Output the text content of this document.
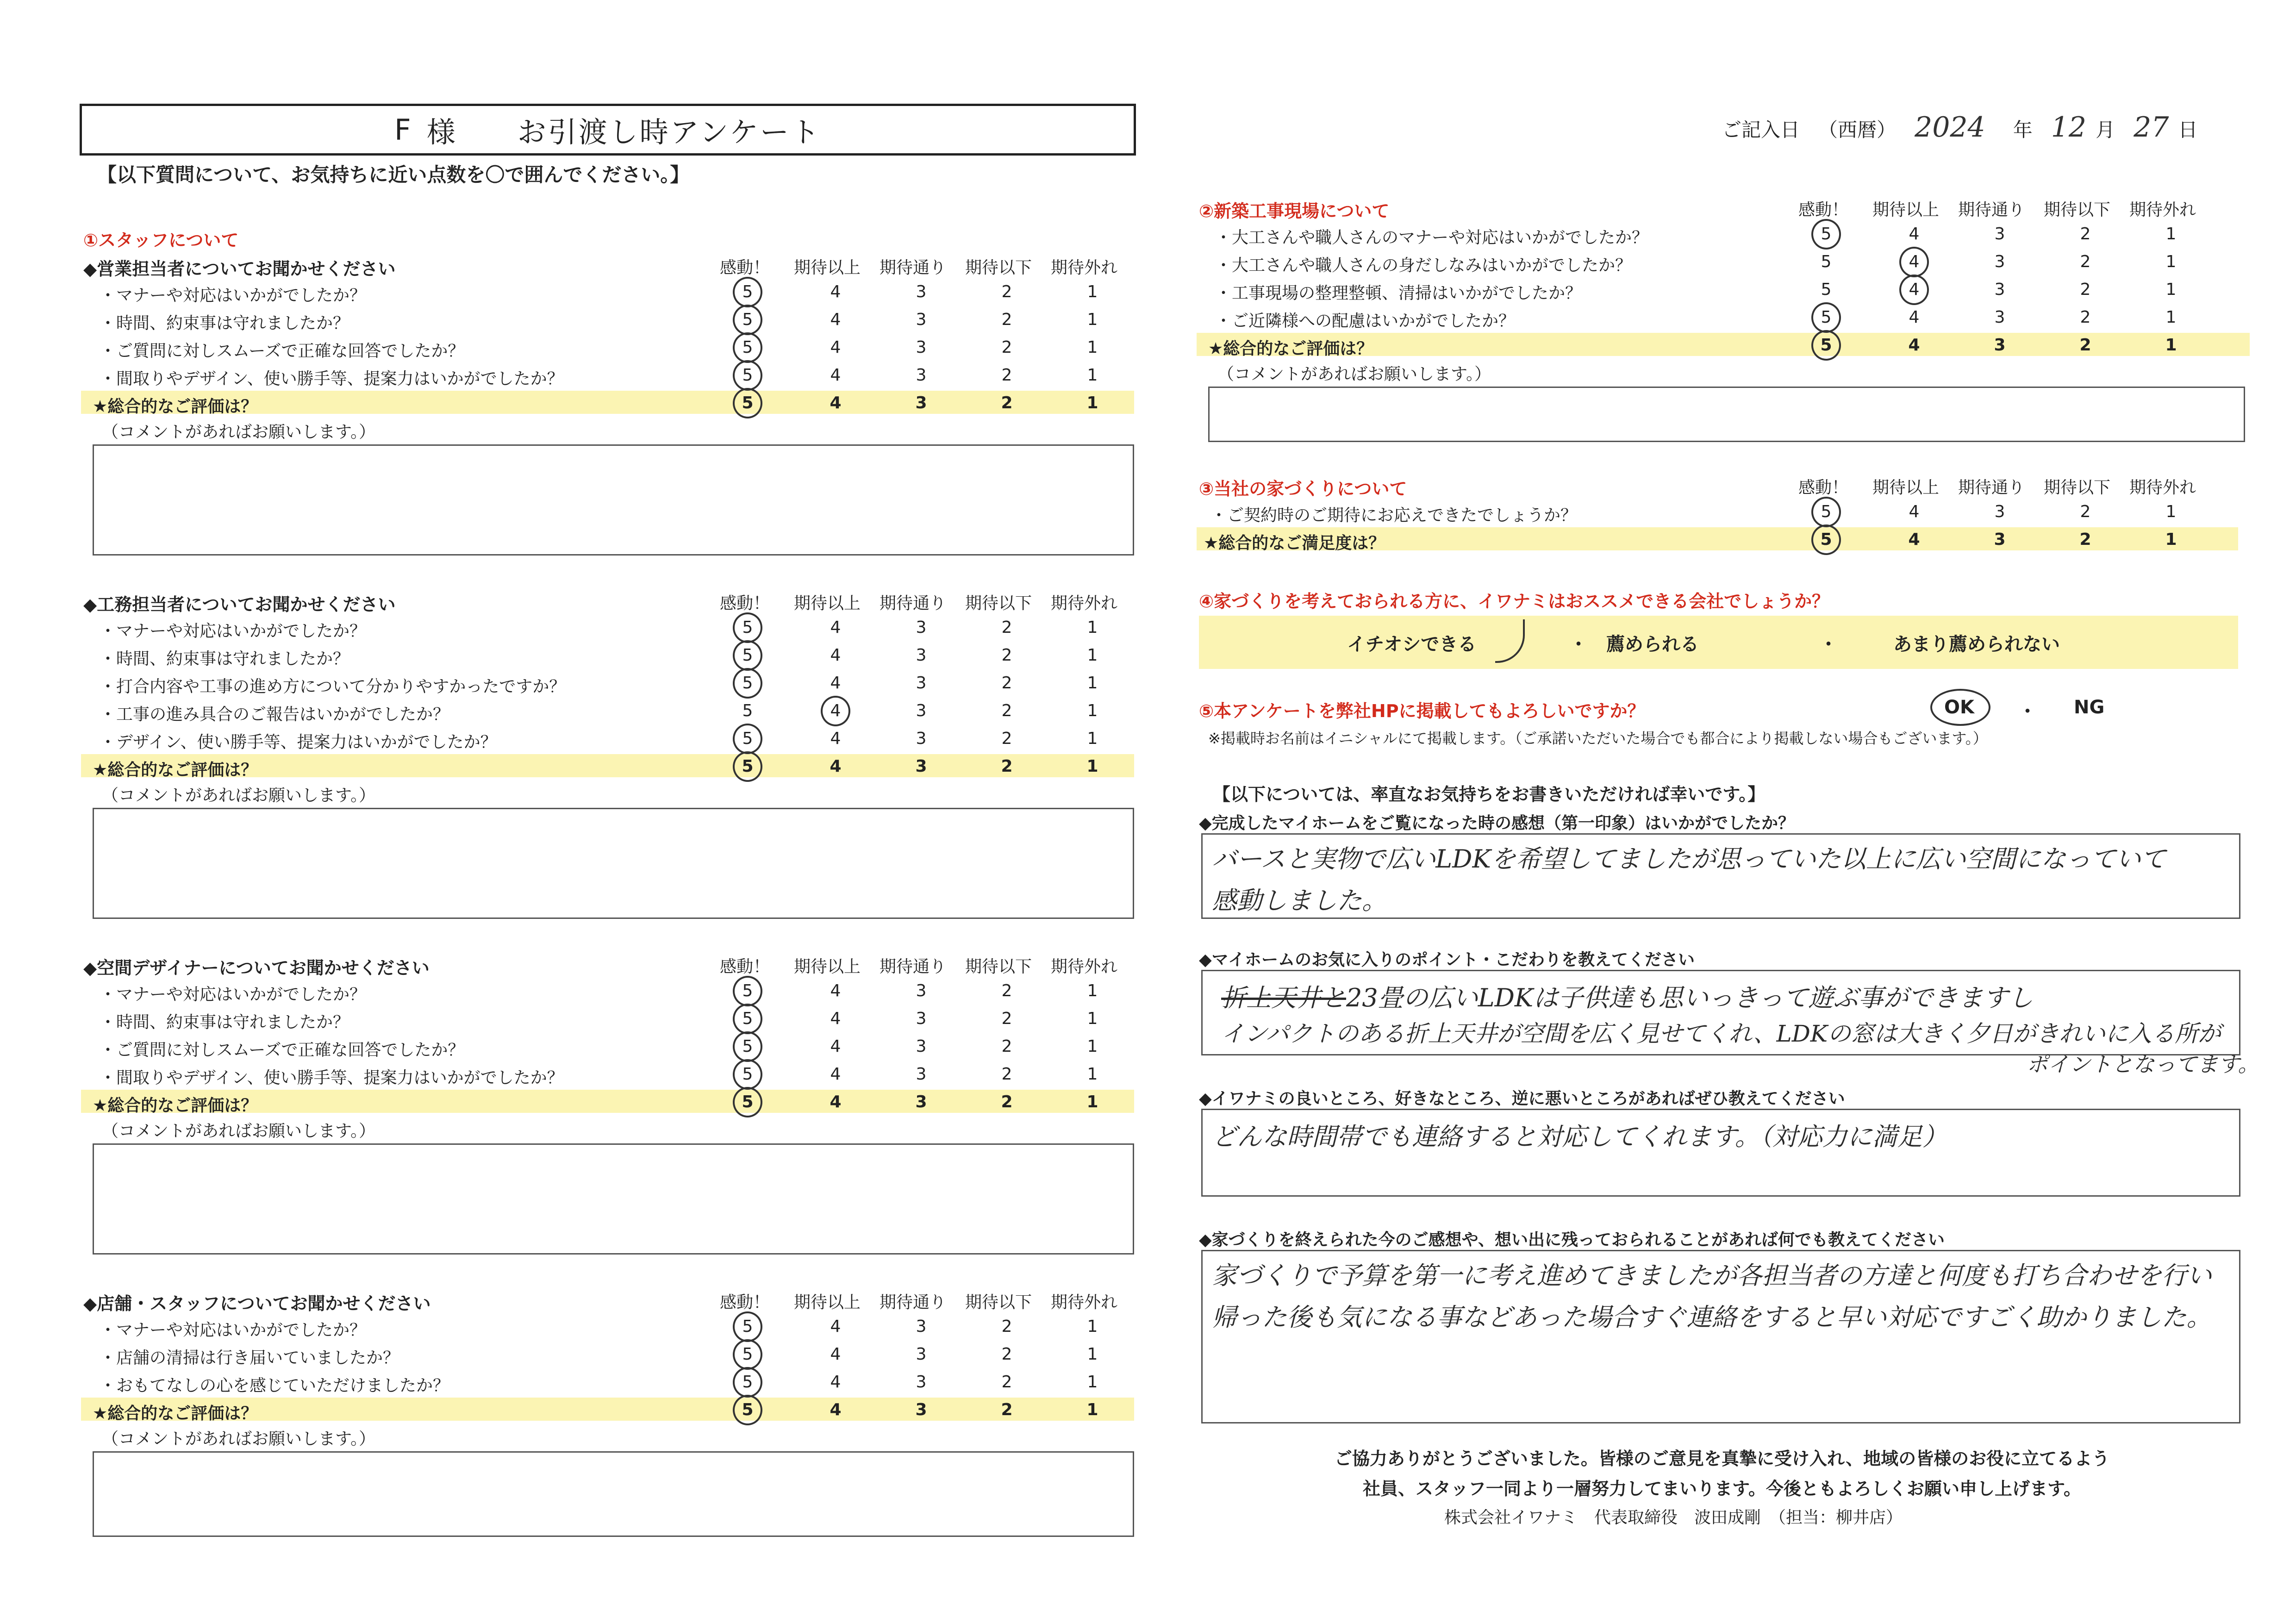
F 様 お引渡し時アンケート	ご記入日 （西暦） 2024 年 12 月 27 日
【以下質問について、お気持ちに近い点数を〇で囲んでください。】
①スタッフについて
◆営業担当者についてお聞かせください	感動！ 期待以上 期待通り 期待以下 期待外れ
・マナーや対応はいかがでしたか？	5	4	3	2	1
・時間、約束事は守れましたか？	5	4	3	2	1
・ご質問に対しスムーズで正確な回答でしたか？	5	4	3	2	1
・間取りやデザイン、使い勝手等、提案力はいかがでしたか？	5	4	3	2	1
★総合的なご評価は？	5	4	3	2	1
（コメントがあればお願いします。）
◆工務担当者についてお聞かせください	感動！ 期待以上 期待通り 期待以下 期待外れ
・マナーや対応はいかがでしたか？	5	4	3	2	1
・時間、約束事は守れましたか？	5	4	3	2	1
・打合内容や工事の進め方について分かりやすかったですか？	5	4	3	2	1
・工事の進み具合のご報告はいかがでしたか？	5	4	3	2	1
・デザイン、使い勝手等、提案力はいかがでしたか？	5	4	3	2	1
★総合的なご評価は？	5	4	3	2	1
（コメントがあればお願いします。）
◆空間デザイナーについてお聞かせください	感動！ 期待以上 期待通り 期待以下 期待外れ
・マナーや対応はいかがでしたか？	5	4	3	2	1
・時間、約束事は守れましたか？	5	4	3	2	1
・ご質問に対しスムーズで正確な回答でしたか？	5	4	3	2	1
・間取りやデザイン、使い勝手等、提案力はいかがでしたか？	5	4	3	2	1
★総合的なご評価は？	5	4	3	2	1
（コメントがあればお願いします。）
◆店舗・スタッフについてお聞かせください	感動！ 期待以上 期待通り 期待以下 期待外れ
・マナーや対応はいかがでしたか？	5	4	3	2	1
・店舗の清掃は行き届いていましたか？	5	4	3	2	1
・おもてなしの心を感じていただけましたか？	5	4	3	2	1
★総合的なご評価は？	5	4	3	2	1
（コメントがあればお願いします。）
②新築工事現場について	感動！ 期待以上 期待通り 期待以下 期待外れ
・大工さんや職人さんのマナーや対応はいかがでしたか？	5	4	3	2	1
・大工さんや職人さんの身だしなみはいかがでしたか？	5	4	3	2	1
・工事現場の整理整頓、清掃はいかがでしたか？	5	4	3	2	1
・ご近隣様への配慮はいかがでしたか？	5	4	3	2	1
★総合的なご評価は？	5	4	3	2	1
（コメントがあればお願いします。）
③当社の家づくりについて	感動！ 期待以上 期待通り 期待以下 期待外れ
・ご契約時のご期待にお応えできたでしょうか？	5	4	3	2	1
★総合的なご満足度は？	5	4	3	2	1
④家づくりを考えておられる方に、イワナミはおススメできる会社でしょうか？
イチオシできる	・ 薦められる	・	あまり薦められない
⑤本アンケートを弊社HPに掲載してもよろしいですか？	OK ・ NG
※掲載時お名前はイニシャルにて掲載します。（ご承諾いただいた場合でも都合により掲載しない場合もございます。）
【以下については、率直なお気持ちをお書きいただければ幸いです。】
◆完成したマイホームをご覧になった時の感想（第一印象）はいかがでしたか？
バースと実物で広いLDKを希望してましたが思っていた以上に広い空間になっていて
感動しました。
◆マイホームのお気に入りのポイント・こだわりを教えてください
折上天井と23畳の広いLDKは子供達も思いっきって遊ぶ事ができますし
インパクトのある折上天井が空間を広く見せてくれ、LDKの窓は大きく夕日がきれいに入る所が
ポイントとなってます。
◆イワナミの良いところ、好きなところ、逆に悪いところがあればぜひ教えてください
どんな時間帯でも連絡すると対応してくれます。（対応力に満足）
◆家づくりを終えられた今のご感想や、想い出に残っておられることがあれば何でも教えてください
家づくりで予算を第一に考え進めてきましたが各担当者の方達と何度も打ち合わせを行い
帰った後も気になる事などあった場合すぐ連絡をすると早い対応ですごく助かりました。
ご協力ありがとうございました。皆様のご意見を真摯に受け入れ、地域の皆様のお役に立てるよう
社員、スタッフ一同より一層努力してまいります。今後ともよろしくお願い申し上げます。
株式会社イワナミ　代表取締役　波田成剛　（担当：柳井店）
